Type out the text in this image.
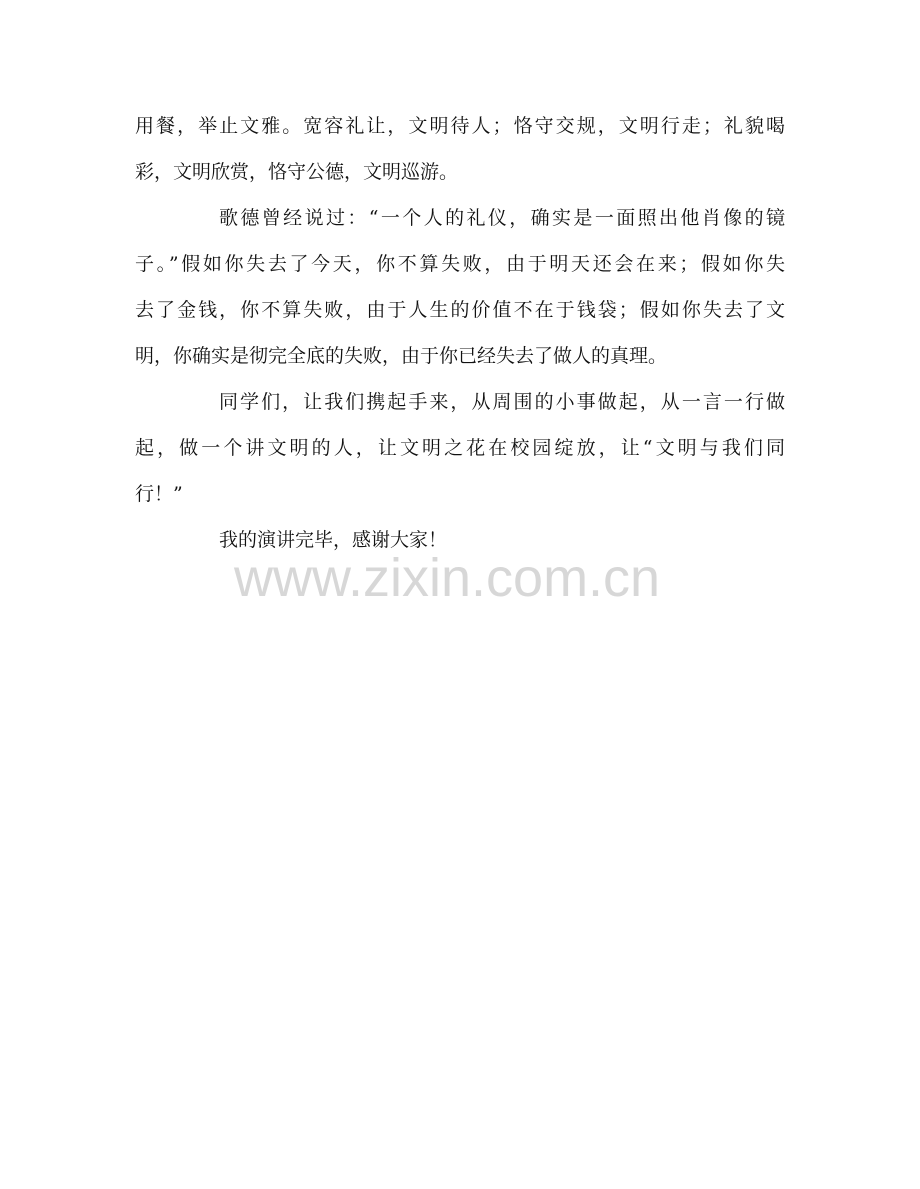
用餐，举止文雅。宽容礼让，文明待人；恪守交规，文明行走；礼貌喝
彩，文明欣赏，恪守公德，文明巡游。
歌德曾经说过：“一个人的礼仪，确实是一面照出他肖像的镜
子。”假如你失去了今天，你不算失败，由于明天还会在来；假如你失
去了金钱，你不算失败，由于人生的价值不在于钱袋；假如你失去了文
明，你确实是彻完全底的失败，由于你已经失去了做人的真理。
同学们，让我们携起手来，从周围的小事做起，从一言一行做
起，做一个讲文明的人，让文明之花在校园绽放，让“文明与我们同
行！”
我的演讲完毕，感谢大家！
www.zixin.com.cn
